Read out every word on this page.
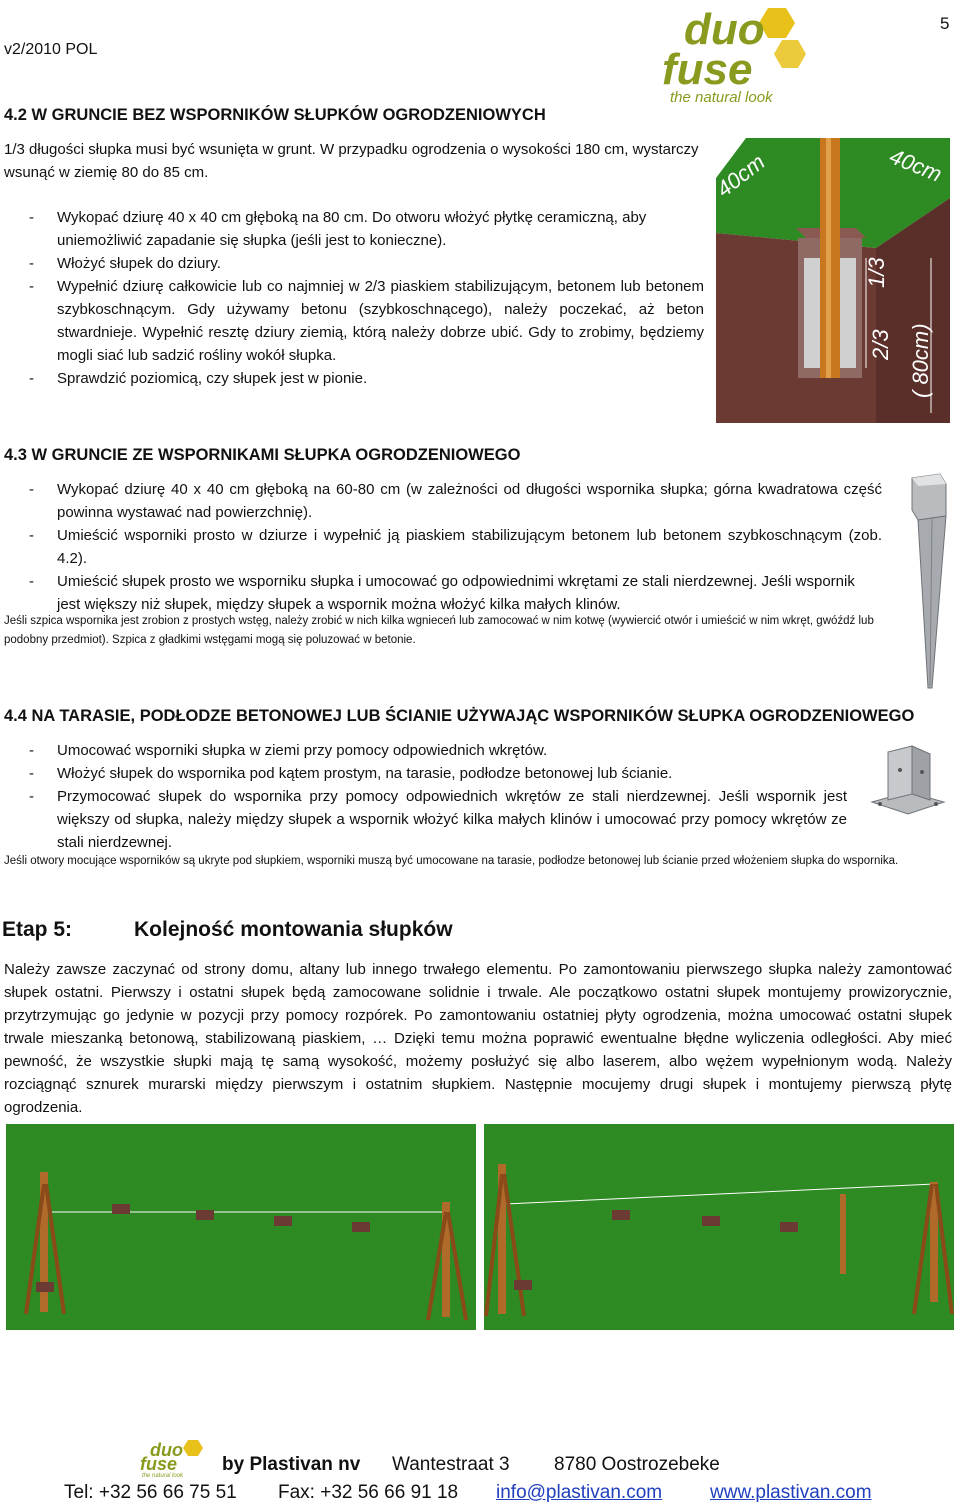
v2/2010 POL
5
duo
fuse
the natural look
4.2 W GRUNCIE BEZ WSPORNIKÓW SŁUPKÓW OGRODZENIOWYCH
1/3 długości słupka musi być wsunięta w grunt. W przypadku ogrodzenia o wysokości 180 cm, wystarczy wsunąć w ziemię 80 do 85 cm.
- Wykopać dziurę 40 x 40 cm głęboką na 80 cm. Do otworu włożyć płytkę ceramiczną, aby uniemożliwić zapadanie się słupka (jeśli jest to konieczne).
- Włożyć słupek do dziury.
- Wypełnić dziurę całkowicie lub co najmniej w 2/3 piaskiem stabilizującym, betonem lub betonem szybkoschnącym. Gdy używamy betonu (szybkoschnącego), należy poczekać, aż beton stwardnieje. Wypełnić resztę dziury ziemią, którą należy dobrze ubić. Gdy to zrobimy, będziemy mogli siać lub sadzić rośliny wokół słupka.
- Sprawdzić poziomicą, czy słupek jest w pionie.
40cm	40cm
1/3
2/3 ( 80cm)
4.3 W GRUNCIE ZE WSPORNIKAMI SŁUPKA OGRODZENIOWEGO
- Wykopać dziurę 40 x 40 cm głęboką na 60-80 cm (w zależności od długości wspornika słupka; górna kwadratowa część powinna wystawać nad powierzchnię).
- Umieścić wsporniki prosto w dziurze i wypełnić ją piaskiem stabilizującym betonem lub betonem szybkoschnącym (zob. 4.2).
- Umieścić słupek prosto we wsporniku słupka i umocować go odpowiednimi wkrętami ze stali nierdzewnej. Jeśli wspornik jest większy niż słupek, między słupek a wspornik można włożyć kilka małych klinów.
Jeśli szpica wspornika jest zrobion z prostych wstęg, należy zrobić w nich kilka wgnieceń lub zamocować w nim kotwę (wywiercić otwór i umieścić w nim wkręt, gwóźdź lub podobny przedmiot). Szpica z gładkimi wstęgami mogą się poluzować w betonie.
4.4 NA TARASIE, PODŁODZE BETONOWEJ LUB ŚCIANIE UŻYWAJĄC WSPORNIKÓW SŁUPKA OGRODZENIOWEGO
- Umocować wsporniki słupka w ziemi przy pomocy odpowiednich wkrętów.
- Włożyć słupek do wspornika pod kątem prostym, na tarasie, podłodze betonowej lub ścianie.
- Przymocować słupek do wspornika przy pomocy odpowiednich wkrętów ze stali nierdzewnej. Jeśli wspornik jest większy od słupka, należy między słupek a wspornik włożyć kilka małych klinów i umocować przy pomocy wkrętów ze stali nierdzewnej.
Jeśli otwory mocujące wsporników są ukryte pod słupkiem, wsporniki muszą być umocowane na tarasie, podłodze betonowej lub ścianie przed włożeniem słupka do wspornika.
Etap 5:	Kolejność montowania słupków
Należy zawsze zaczynać od strony domu, altany lub innego trwałego elementu. Po zamontowaniu pierwszego słupka należy zamontować słupek ostatni. Pierwszy i ostatni słupek będą zamocowane solidnie i trwale. Ale początkowo ostatni słupek montujemy prowizorycznie, przytrzymując go jedynie w pozycji przy pomocy rozpórek. Po zamontowaniu ostatniej płyty ogrodzenia, można umocować ostatni słupek trwale mieszanką betonową, stabilizowaną piaskiem, … Dzięki temu można poprawić ewentualne błędne wyliczenia odległości. Aby mieć pewność, że wszystkie słupki mają tę samą wysokość, możemy posłużyć się albo laserem, albo wężem wypełnionym wodą. Należy rozciągnąć sznurek murarski między pierwszym i ostatnim słupkiem. Następnie mocujemy drugi słupek i montujemy pierwszą płytę ogrodzenia.
duo
fuse
the natural look
by Plastivan nv Wantestraat 3 8780 Oostrozebeke
Tel: +32 56 66 75 51 Fax: +32 56 66 91 18 info@plastivan.com	www.plastivan.com
